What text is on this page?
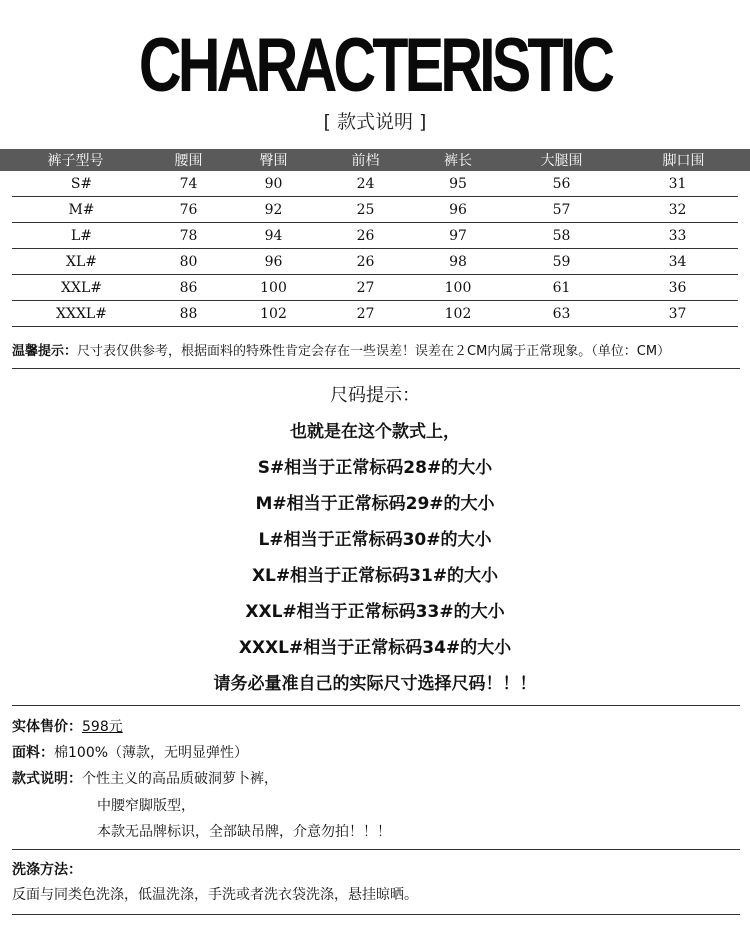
CHARACTERISTIC
[ 款式说明 ]
裤子型号	腰围	臀围	前档	裤长	大腿围	脚口围
S#	74	90	24	95	56	31
M#	76	92	25	96	57	32
L#	78	94	26	97	58	33
XL#	80	96	26	98	59	34
XXL#	86	100	27	100	61	36
XXXL#	88	102	27	102	63	37
温馨提示：尺寸表仅供参考，根据面料的特殊性肯定会存在一些误差！误差在２CM内属于正常现象。（单位：CM）
尺码提示：
也就是在这个款式上，
S#相当于正常标码28#的大小
M#相当于正常标码29#的大小
L#相当于正常标码30#的大小
XL#相当于正常标码31#的大小
XXL#相当于正常标码33#的大小
XXXL#相当于正常标码34#的大小
请务必量准自己的实际尺寸选择尺码！！！
实体售价：598元
面料：棉100%（薄款，无明显弹性）
款式说明：个性主义的高品质破洞萝卜裤，
中腰窄脚版型，
本款无品牌标识，全部缺吊牌，介意勿拍！！！
洗涤方法：
反面与同类色洗涤，低温洗涤，手洗或者洗衣袋洗涤，悬挂晾晒。
